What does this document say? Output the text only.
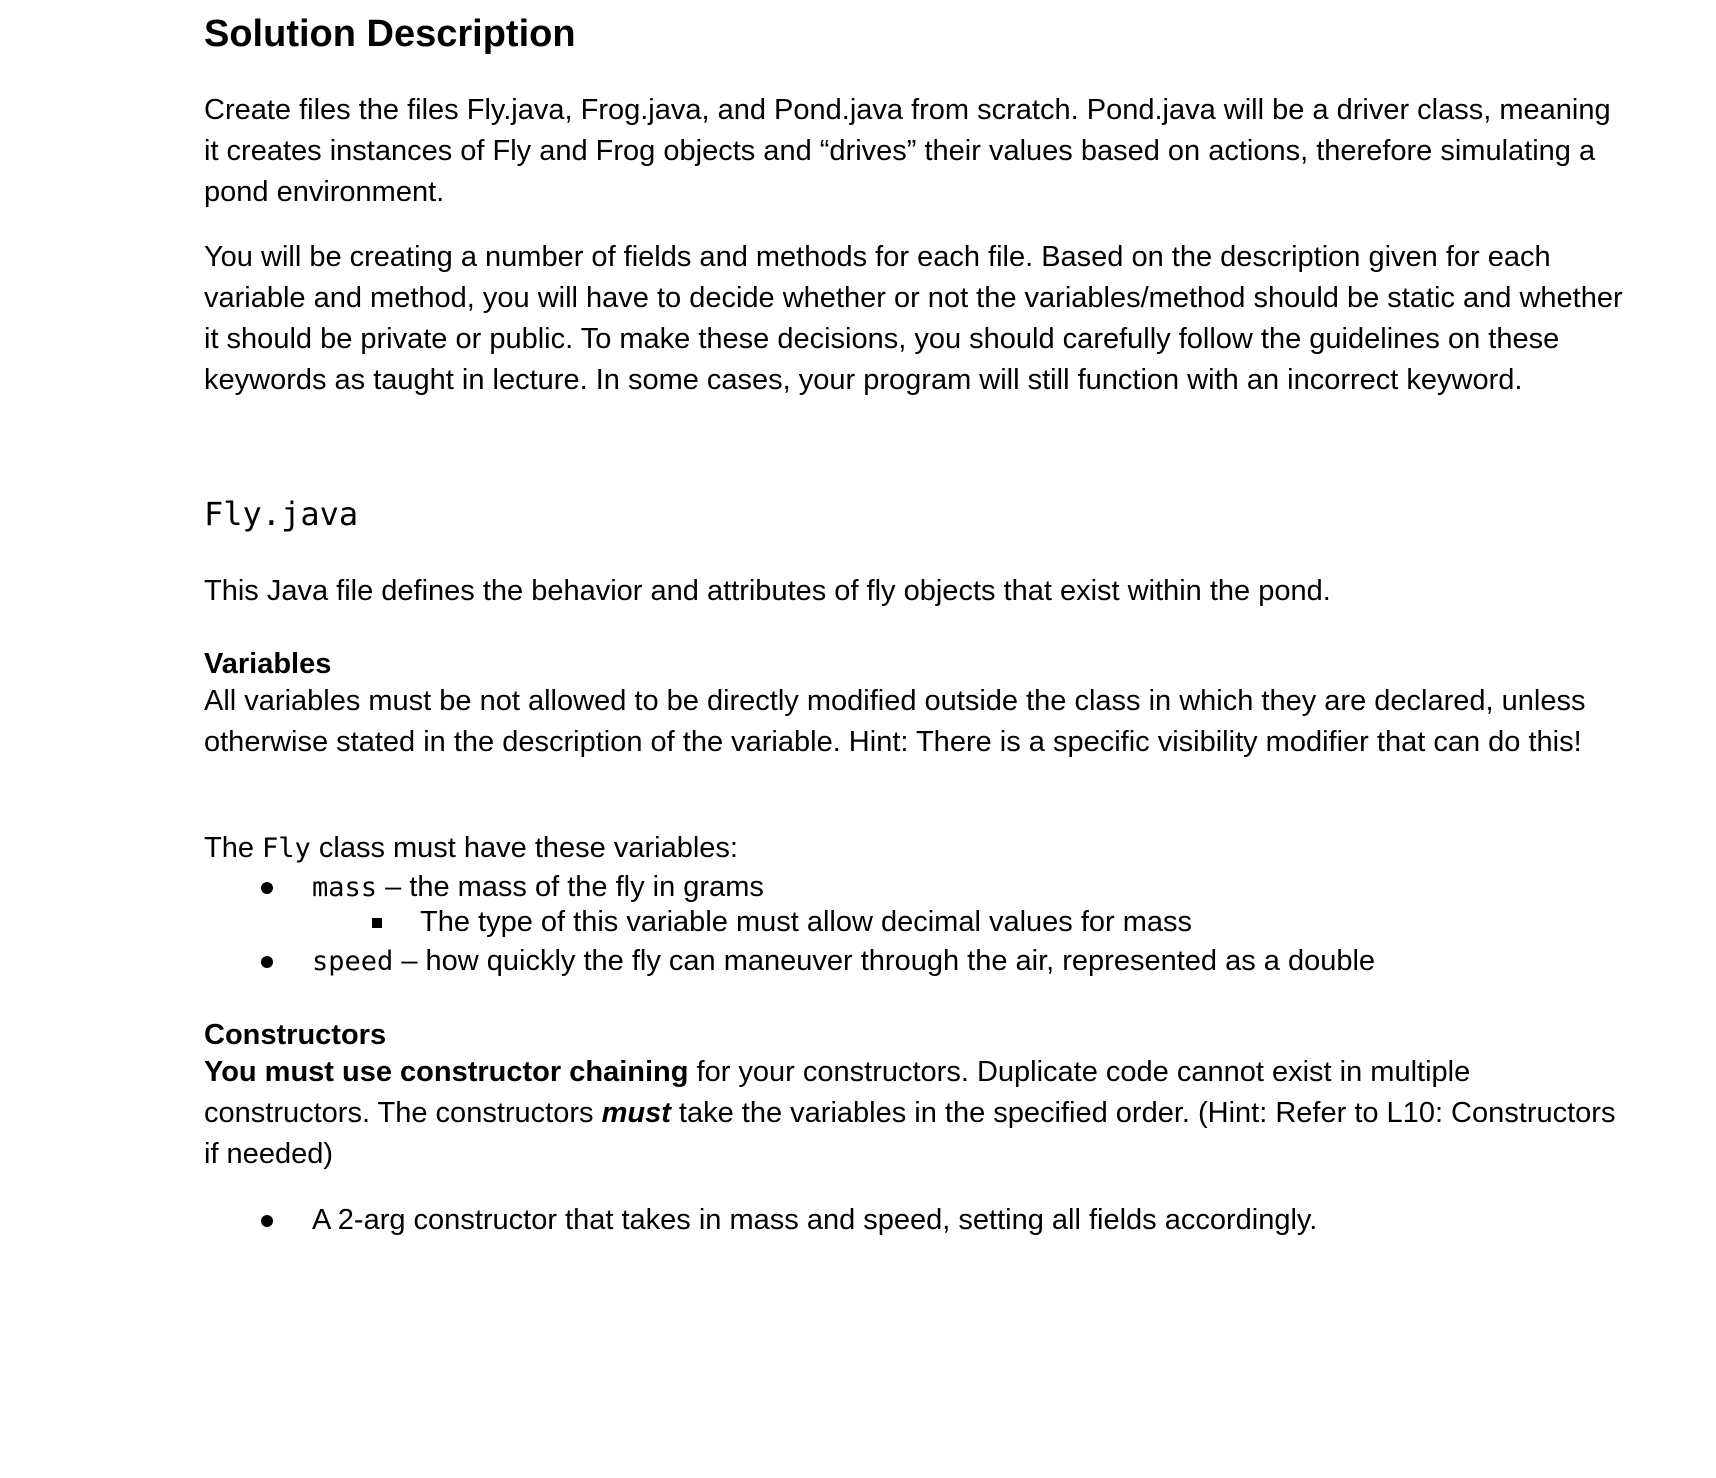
Solution Description

Create files the files Fly.java, Frog.java, and Pond.java from scratch. Pond.java will be a driver class, meaning it creates instances of Fly and Frog objects and “drives” their values based on actions, therefore simulating a pond environment.

You will be creating a number of fields and methods for each file. Based on the description given for each variable and method, you will have to decide whether or not the variables/method should be static and whether it should be private or public. To make these decisions, you should carefully follow the guidelines on these keywords as taught in lecture. In some cases, your program will still function with an incorrect keyword.

Fly.java

This Java file defines the behavior and attributes of fly objects that exist within the pond.

Variables

All variables must be not allowed to be directly modified outside the class in which they are declared, unless otherwise stated in the description of the variable. Hint: There is a specific visibility modifier that can do this!

The Fly class must have these variables:

mass – the mass of the fly in grams
The type of this variable must allow decimal values for mass
speed – how quickly the fly can maneuver through the air, represented as a double
Constructors

You must use constructor chaining for your constructors. Duplicate code cannot exist in multiple constructors. The constructors must take the variables in the specified order. (Hint: Refer to L10: Constructors if needed)

A 2-arg constructor that takes in mass and speed, setting all fields accordingly.
